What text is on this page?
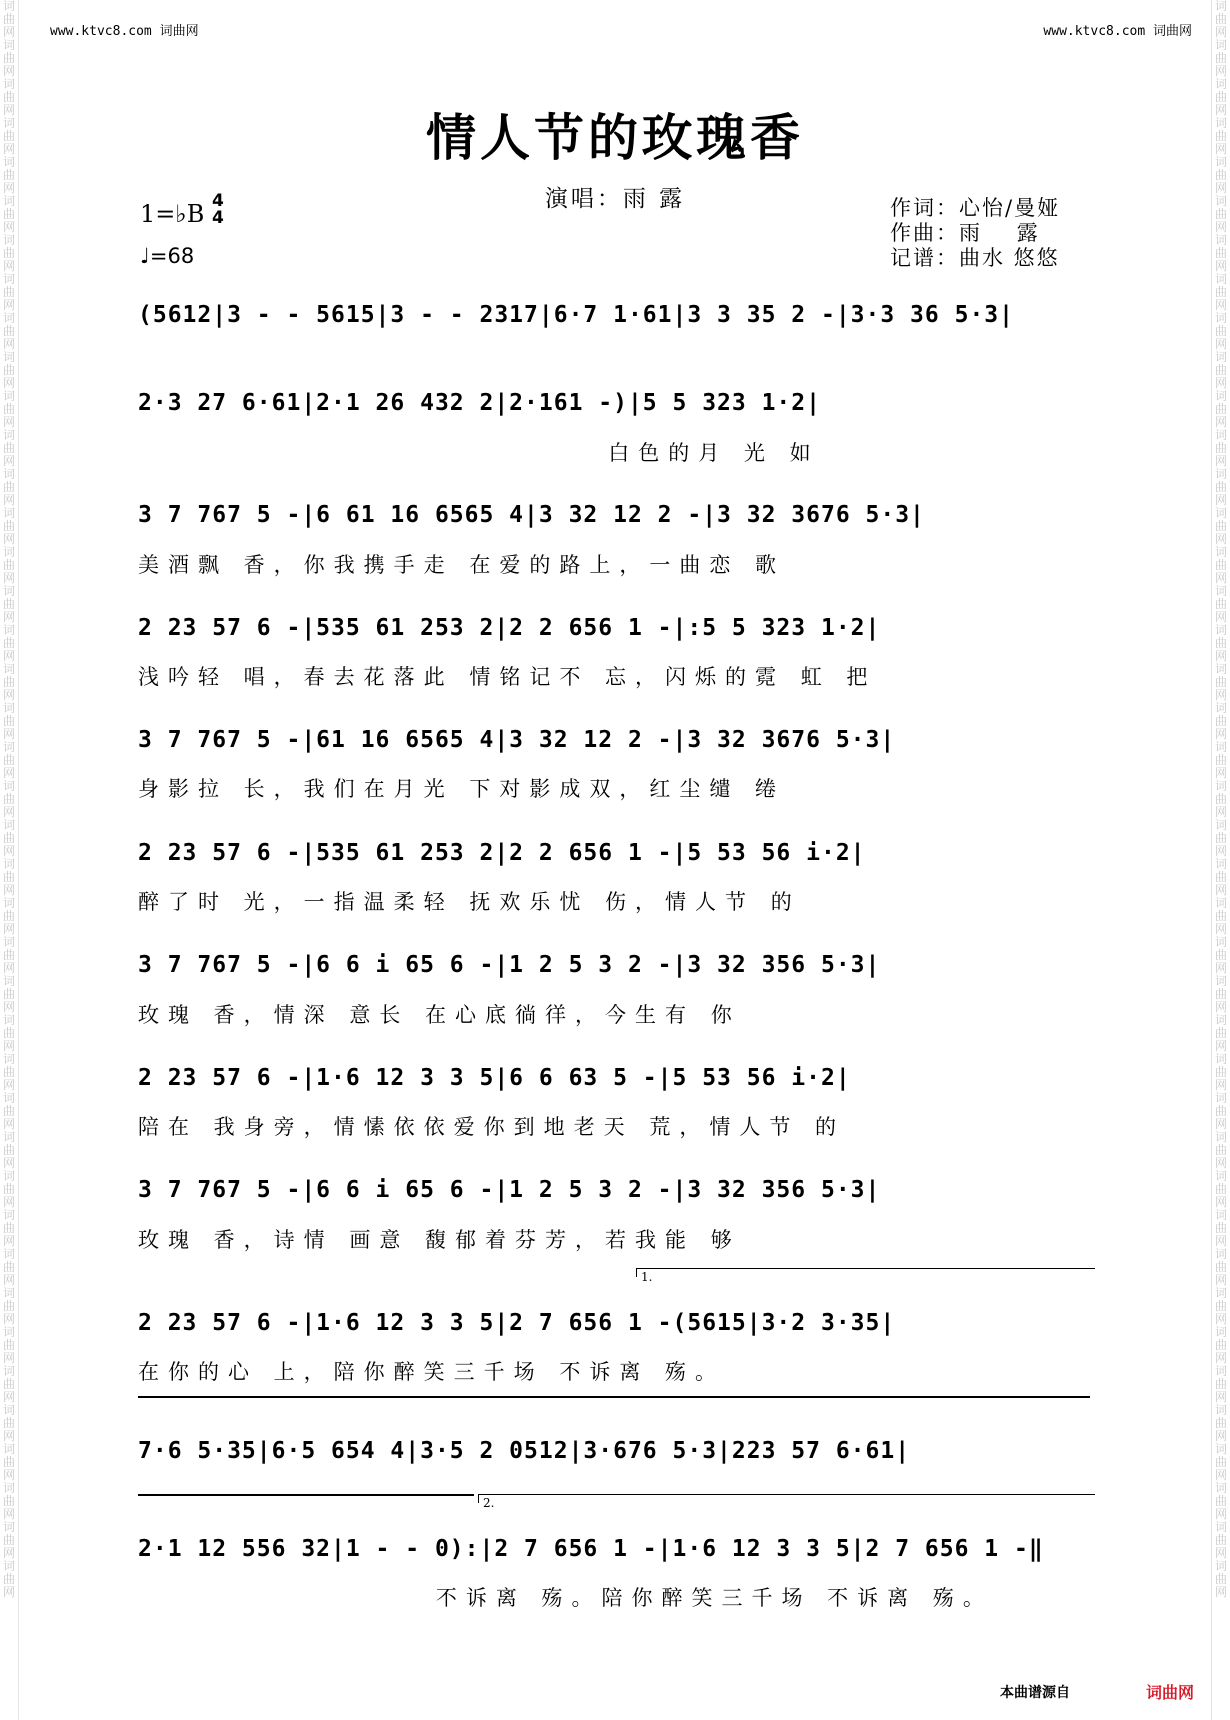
词
曲
网
词
曲
网
词
曲
网
词
曲
网
词
曲
网
词
曲
网
词
曲
网
词
曲
网
词
曲
网
词
曲
网
词
曲
网
词
曲
网
词
曲
网
词
曲
网
词
曲
网
词
曲
网
词
曲
网
词
曲
网
词
曲
网
词
曲
网
词
曲
网
词
曲
网
词
曲
网
词
曲
网
词
曲
网
词
曲
网
词
曲
网
词
曲
网
词
曲
网
词
曲
网
词
曲
网
词
曲
网
词
曲
网
词
曲
网
词
曲
网
词
曲
网
词
曲
网
词
曲
网
词
曲
网
词
曲
网
词
曲
网
词
曲
网
词
曲
网
词
曲
网
词
曲
网
词
曲
网
词
曲
网
词
曲
网
词
曲
网
词
曲
网
词
曲
网
词
曲
网
词
曲
网
词
曲
网
词
曲
网
词
曲
网
词
曲
网
词
曲
网
词
曲
网
词
曲
网
词
曲
网
词
曲
网
词
曲
网
词
曲
网
词
曲
网
词
曲
网
词
曲
网
词
曲
网
词
曲
网
词
曲
网
词
曲
网
词
曲
网
词
曲
网
词
曲
网
词
曲
网
词
曲
网
词
曲
网
词
曲
网
词
曲
网
词
曲
网
词
曲
网
词
曲
网
www.ktvc8.com 词曲网	www.ktvc8.com 词曲网
情人节的玫瑰香
演唱：雨 露
1=♭B 4
4
♩=68
作词：心怡/曼娅
作曲：雨    露
记谱：曲水 悠悠
(5612|3 - - 5615|3 - - 2317|6·7 1·61|3 3 35 2 -|3·3 36 5·3|
2·3 27 6·61|2·1 26 432 2|2·161 -)|5 5 323 1·2|
白色的月 光 如
3 7 767 5 -|6 61 16 6565 4|3 32 12 2 -|3 32 3676 5·3|
美酒飘 香，你我携手走 在爱的路上，一曲恋 歌
2 23 57 6 -|535 61 253 2|2 2 656 1 -|:5 5 323 1·2|
浅吟轻 唱，春去花落此 情铭记不 忘，闪烁的霓 虹 把
3 7 767 5 -|61 16 6565 4|3 32 12 2 -|3 32 3676 5·3|
身影拉 长，我们在月光 下对影成双，红尘缱 绻
2 23 57 6 -|535 61 253 2|2 2 656 1 -|5 53 56 i·2|
醉了时 光，一指温柔轻 抚欢乐忧 伤，情人节 的
3 7 767 5 -|6 6 i 65 6 -|1 2 5 3 2 -|3 32 356 5·3|
玫瑰 香，情深 意长 在心底徜徉，今生有 你
2 23 57 6 -|1·6 12 3 3 5|6 6 63 5 -|5 53 56 i·2|
陪在 我身旁，情愫依依爱你到地老天 荒，情人节 的
3 7 767 5 -|6 6 i 65 6 -|1 2 5 3 2 -|3 32 356 5·3|
玫瑰 香，诗情 画意 馥郁着芬芳，若我能 够
1.
2 23 57 6 -|1·6 12 3 3 5|2 7 656 1 -(5615|3·2 3·35|
在你的心 上，陪你醉笑三千场 不诉离 殇。
7·6 5·35|6·5 654 4|3·5 2 0512|3·676 5·3|223 57 6·61|
2.
2·1 12 556 32|1 - - 0):|2 7 656 1 -|1·6 12 3 3 5|2 7 656 1 -‖
不诉离 殇。陪你醉笑三千场 不诉离 殇。
本曲谱源自	词曲网
